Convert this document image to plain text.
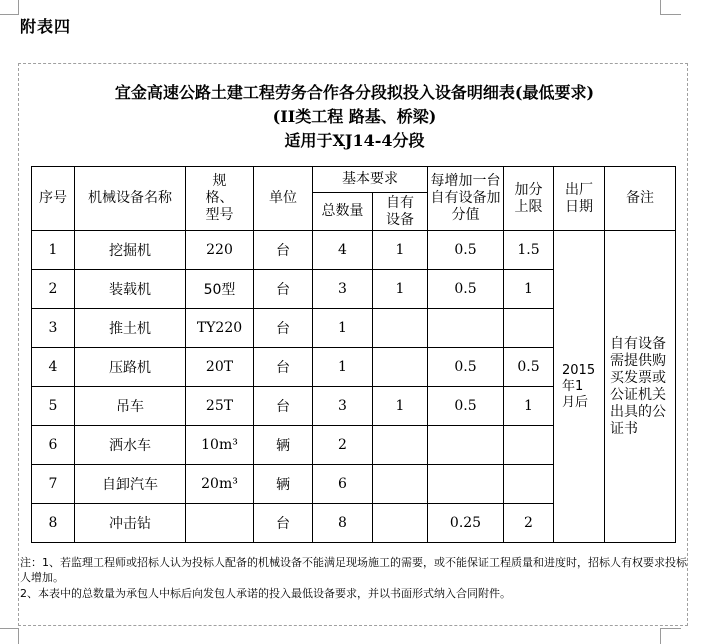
附表四
宜金高速公路土建工程劳务合作各分段拟投入设备明细表(最低要求)
(II类工程 路基、桥梁)
适用于XJ14-4分段
序号	机械设备名称	规格、型号	单位	基本要求		每增加一台自有设备加分值	加分上限	出厂日期	备注
				总数量	自有设备				

1	挖掘机	220	台	4	1	0.5	1.5	2015年1月后	自有设备需提供购买发票或公证机关出具的公证书

2	装载机	50型	台	3	1	0.5	1		
3	推土机	TY220	台	1					
4	压路机	20T	台	1		0.5	0.5		
5	吊车	25T	台	3	1	0.5	1		
6	洒水车	10m³	辆	2					
7	自卸汽车	20m³	辆	6					
8	冲击钻		台	8		0.25	2		
注：1、若监理工程师或招标人认为投标人配备的机械设备不能满足现场施工的需要，或不能保证工程质量和进度时，招标人有权要求投标人增加。
2、本表中的总数量为承包人中标后向发包人承诺的投入最低设备要求，并以书面形式纳入合同附件。
